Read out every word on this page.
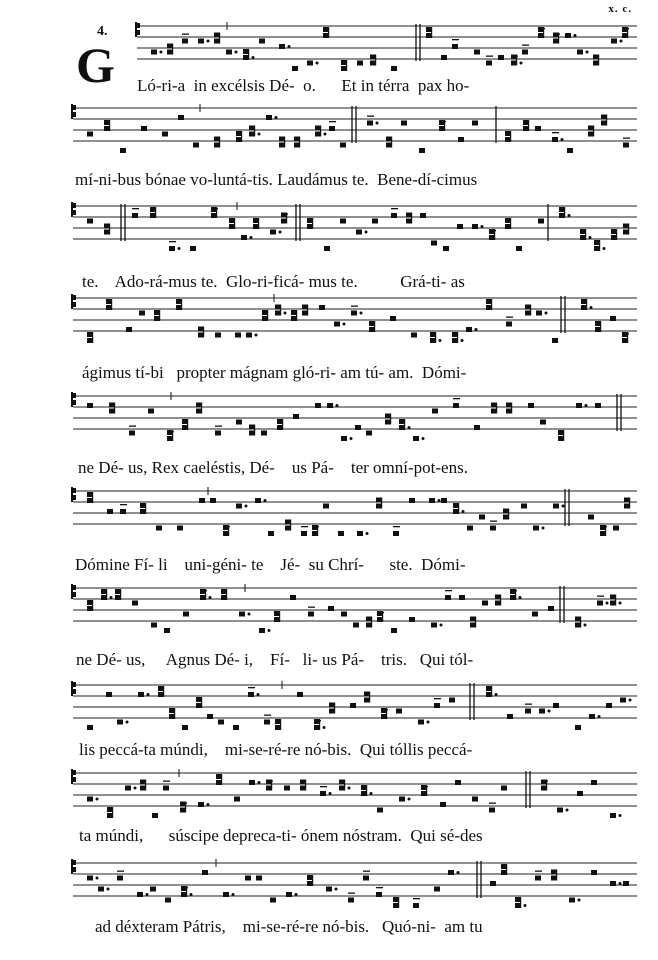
x. c.
4.
G Ló-ri-a  in excélsis Dé-  o.      Et in térra  pax ho-
mí-ni-bus bónae vo-luntá-tis. Laudámus te.  Bene-dí-cimus
te.    Ado-rá-mus te.  Glo-ri-ficá- mus te.          Grá-ti- as
ágimus tí-bi   propter mágnam gló-ri- am tú- am.  Dómi-
ne Dé- us, Rex caeléstis, Dé-    us Pá-    ter omní-pot-ens.
Dómine Fí- li    uni-géni- te    Jé-  su Chrí-      ste.  Dómi-
ne Dé- us,     Agnus Dé- i,    Fí-   li- us Pá-    tris.   Qui tól-
lis peccá-ta múndi,    mi-se-ré-re nó-bis.  Qui tóllis peccá-
ta múndi,      súscipe depreca-ti- ónem nóstram.  Qui sé-des
ad déxteram Pátris,    mi-se-ré-re nó-bis.   Quó-ni-  am tu
